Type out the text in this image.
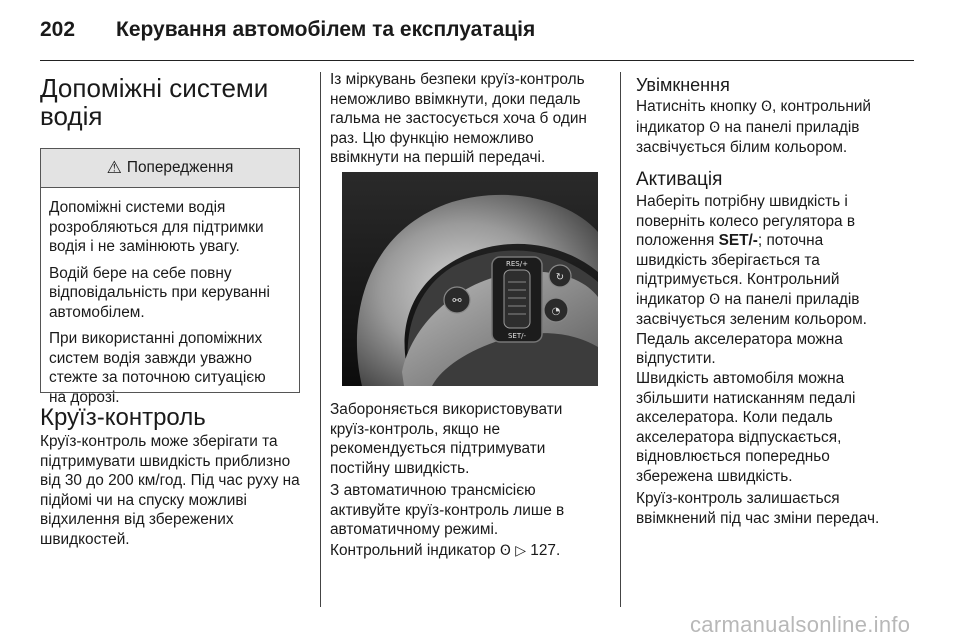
202 Керування автомобілем та експлуатація
Допоміжні системи
водія
⚠ Попередження

Допоміжні системи водія
розробляються для підтримки
водія і не замінюють увагу.

Водій бере на себе повну
відповідальність при керуванні
автомобілем.

При використанні допоміжних
систем водія завжди уважно
стежте за поточною ситуацією
на дорозі.

Круїз-контроль

Круїз-контроль може зберігати та
підтримувати швидкість приблизно
від 30 до 200 км/год. Під час руху на
підйомі чи на спуску можливі
відхилення від збережених
швидкостей.

Із міркувань безпеки круїз-контроль
неможливо ввімкнути, доки педаль
гальма не застосується хоча б один
раз. Цю функцію неможливо
ввімкнути на першій передачі.

RES/+
SET/-
⚯
↻
◔

Забороняється використовувати
круїз-контроль, якщо не
рекомендується підтримувати
постійну швидкість.

З автоматичною трансмісією
активуйте круїз-контроль лише в
автоматичному режимі.

Контрольний індикатор ʘ ▷ 127.

Увімкнення

Натисніть кнопку ʘ, контрольний
індикатор ʘ на панелі приладів
засвічується білим кольором.

Активація

Наберіть потрібну швидкість і
поверніть колесо регулятора в
положення SET/-; поточна
швидкість зберігається та
підтримується. Контрольний
індикатор ʘ на панелі приладів
засвічується зеленим кольором.
Педаль акселератора можна
відпустити.

Швидкість автомобіля можна
збільшити натисканням педалі
акселератора. Коли педаль
акселератора відпускається,
відновлюється попередньо
збережена швидкість.

Круїз-контроль залишається
ввімкнений під час зміни передач.

carmanualsonline.info
